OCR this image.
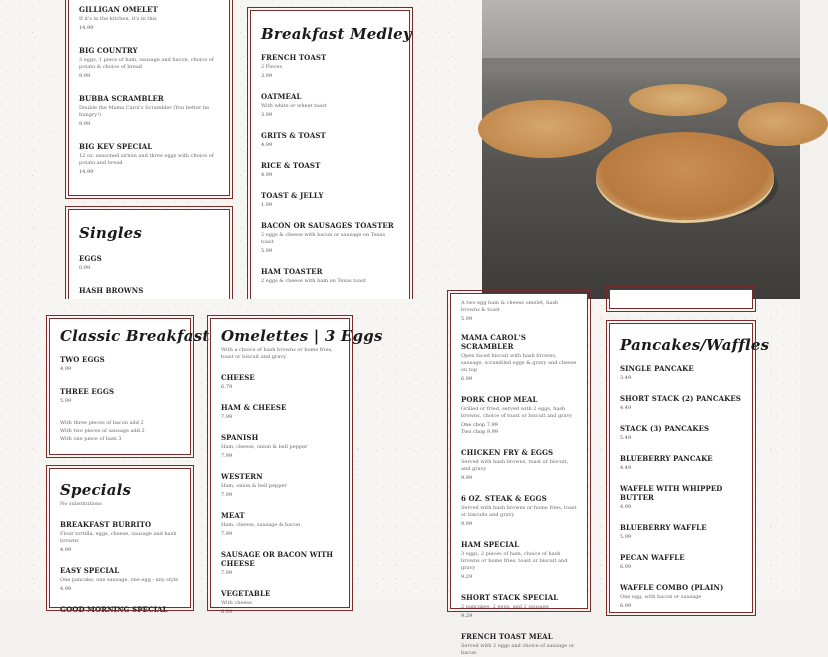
GILLIGAN OMELET
If it's in the kitchen, it's in this
14.99
BIG COUNTRY
3 eggs, 1 piece of ham, sausage and bacon, choice of potato & choice of bread
9.99
BUBBA SCRAMBLER
Double the Mama Carol's Scrambler (You better be hungry!)
9.99
BIG KEV SPECIAL
12 oz. seasoned sirloin and three eggs with choice of potato and bread
14.99
Singles
EGGS
0.99
HASH BROWNS
Breakfast Medley
FRENCH TOAST
2 Pieces
3.99
OATMEAL
With white or wheat toast
3.99
GRITS & TOAST
4.99
RICE & TOAST
4.99
TOAST & JELLY
1.99
BACON OR SAUSAGES TOASTER
2 eggs & cheese with bacon or sausage on Texas toast
5.99
HAM TOASTER
2 eggs & cheese with ham on Texas toast
Classic Breakfast
TWO EGGS
4.99
THREE EGGS
5.99
With three pieces of bacon add 2
With two pieces of sausage add 2
With one piece of ham 3
Specials
No substitutions
BREAKFAST BURRITO
Flour tortilla, eggs, cheese, sausage and hash browns
4.99
EASY SPECIAL
One pancake, one sausage, one egg - any style
4.99
GOOD MORNING SPECIAL
Omelettes | 3 Eggs
With a choice of hash browns or home fries, toast or biscuit and gravy
CHEESE
6.79
HAM & CHEESE
7.99
SPANISH
Ham, cheese, onion & bell pepper
7.99
WESTERN
Ham, onion & bell pepper
7.99
MEAT
Ham, cheese, sausage & bacon
7.99
SAUSAGE OR BACON WITH CHEESE
7.99
VEGETABLE
With cheese
6.99
A two egg ham & cheese omelet, hash browns & toast
5.99
MAMA CAROL'S SCRAMBLER
Open faced biscuit with hash browns, sausage, scrambled eggs & gravy and cheese on top
6.99
PORK CHOP MEAL
Grilled or fried, served with 2 eggs, hash browns, choice of toast or biscuit and gravy
One chop 7.99
Two chop 9.99
CHICKEN FRY & EGGS
Served with hash browns, toast or biscuit, and gravy
9.99
6 OZ. STEAK & EGGS
Served with hash browns or home fries, toast or biscuits and gravy
9.99
HAM SPECIAL
3 eggs, 2 pieces of ham, choice of hash browns or home fries, toast or biscuit and gravy
9.29
SHORT STACK SPECIAL
2 pancakes, 2 eggs, and 2 sausage
9.29
FRENCH TOAST MEAL
Served with 2 eggs and choice of sausage or bacon
Pancakes/Waffles
SINGLE PANCAKE
3.49
SHORT STACK (2) PANCAKES
4.49
STACK (3) PANCAKES
5.49
BLUEBERRY PANCAKE
4.49
WAFFLE WITH WHIPPED BUTTER
4.99
BLUEBERRY WAFFLE
5.99
PECAN WAFFLE
6.99
WAFFLE COMBO (PLAIN)
One egg, with bacon or sausage
6.99
